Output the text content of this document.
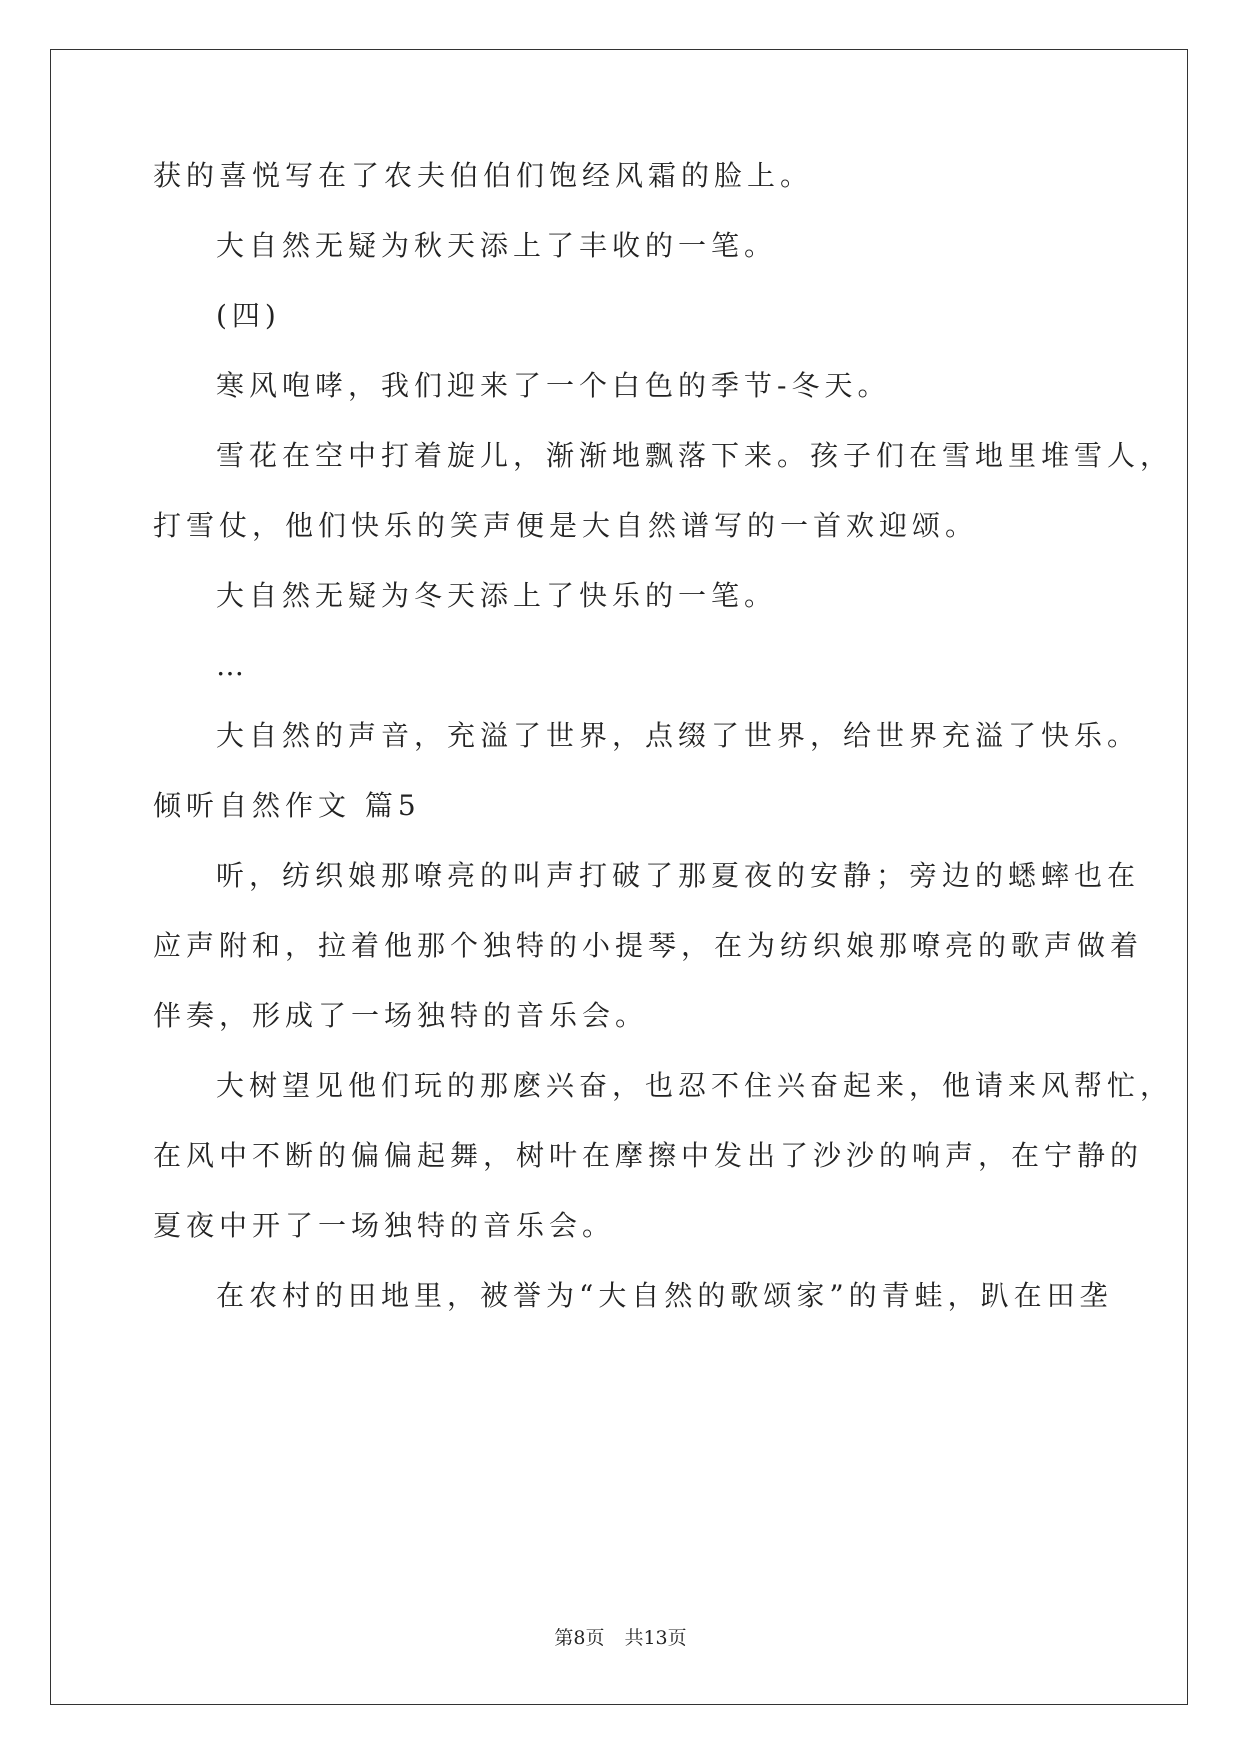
获的喜悦写在了农夫伯伯们饱经风霜的脸上。

大自然无疑为秋天添上了丰收的一笔。

(四)

寒风咆哮，我们迎来了一个白色的季节-冬天。

雪花在空中打着旋儿，渐渐地飘落下来。孩子们在雪地里堆雪人，

打雪仗，他们快乐的笑声便是大自然谱写的一首欢迎颂。

大自然无疑为冬天添上了快乐的一笔。

…

大自然的声音，充溢了世界，点缀了世界，给世界充溢了快乐。

倾听自然作文 篇5

听，纺织娘那嘹亮的叫声打破了那夏夜的安静；旁边的蟋蟀也在

应声附和，拉着他那个独特的小提琴，在为纺织娘那嘹亮的歌声做着

伴奏，形成了一场独特的音乐会。

大树望见他们玩的那麽兴奋，也忍不住兴奋起来，他请来风帮忙，

在风中不断的偏偏起舞，树叶在摩擦中发出了沙沙的响声，在宁静的

夏夜中开了一场独特的音乐会。

在农村的田地里，被誉为“大自然的歌颂家”的青蛙，趴在田垄

第8页 共13页
